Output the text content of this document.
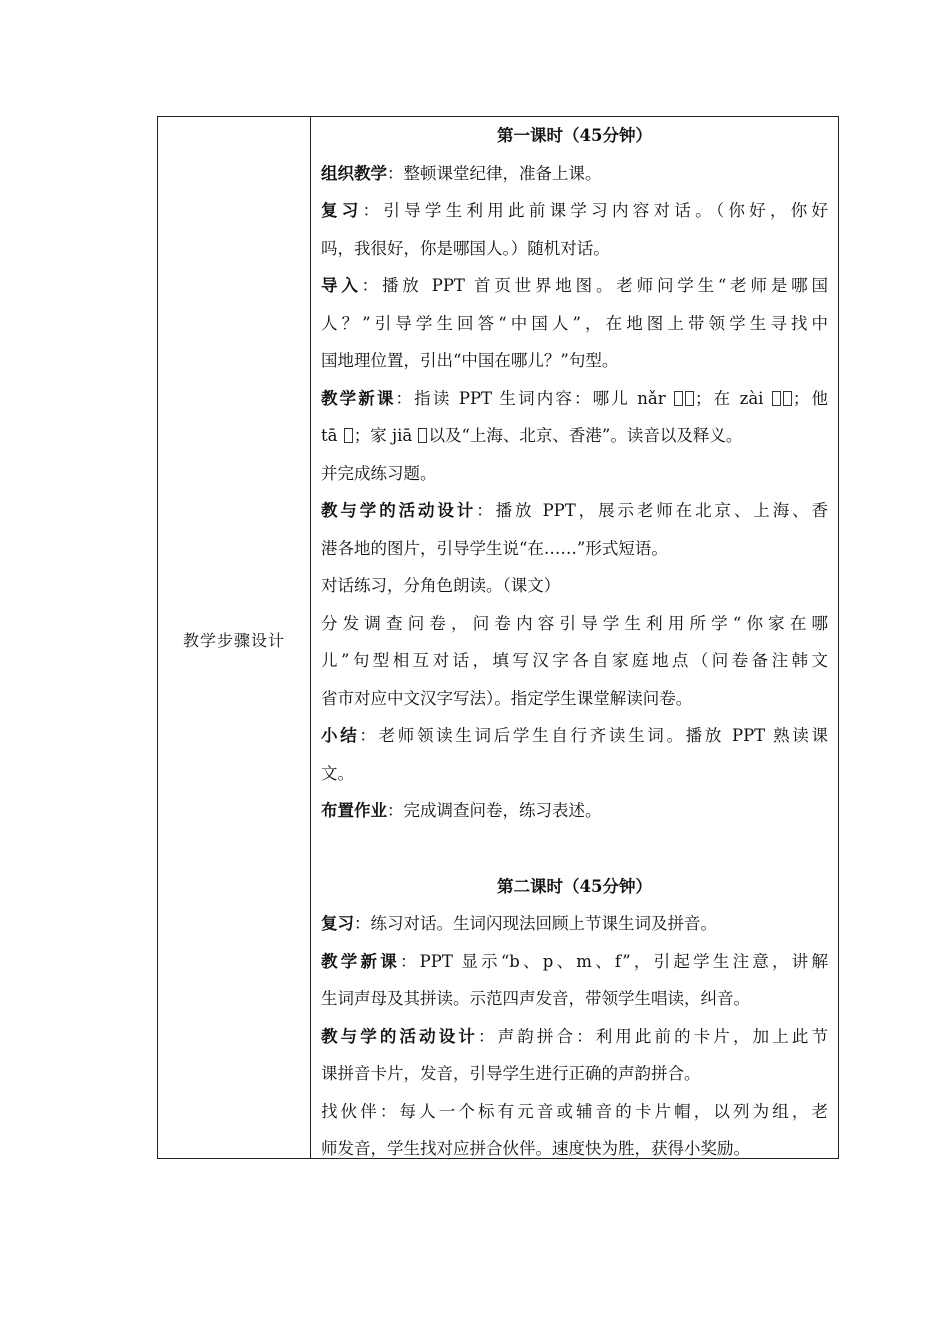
教学步骤设计
第一课时（45分钟）
组织教学：整顿课堂纪律，准备上课。
复习：引导学生利用此前课学习内容对话。（你好，你好
吗，我很好，你是哪国人。）随机对话。
导入：播放 PPT 首页世界地图。老师问学生“老师是哪国
人？”引导学生回答“中国人”，在地图上带领学生寻找中
国地理位置，引出“中国在哪儿？”句型。
教学新课：指读 PPT 生词内容：哪儿 nǎr ；在 zài ；他
tā ；家 jiā 以及“上海、北京、香港”。读音以及释义。
并完成练习题。
教与学的活动设计：播放 PPT，展示老师在北京、上海、香
港各地的图片，引导学生说“在……”形式短语。
对话练习，分角色朗读。（课文）
分发调查问卷，问卷内容引导学生利用所学“你家在哪
儿”句型相互对话，填写汉字各自家庭地点（问卷备注韩文
省市对应中文汉字写法）。指定学生课堂解读问卷。
小结：老师领读生词后学生自行齐读生词。播放 PPT 熟读课
文。
布置作业：完成调查问卷，练习表述。
第二课时（45分钟）
复习：练习对话。生词闪现法回顾上节课生词及拼音。
教学新课：PPT 显示“b、p、m、f”，引起学生注意，讲解
生词声母及其拼读。示范四声发音，带领学生唱读，纠音。
教与学的活动设计：声韵拼合：利用此前的卡片，加上此节
课拼音卡片，发音，引导学生进行正确的声韵拼合。
找伙伴：每人一个标有元音或辅音的卡片帽，以列为组，老
师发音，学生找对应拼合伙伴。速度快为胜，获得小奖励。
